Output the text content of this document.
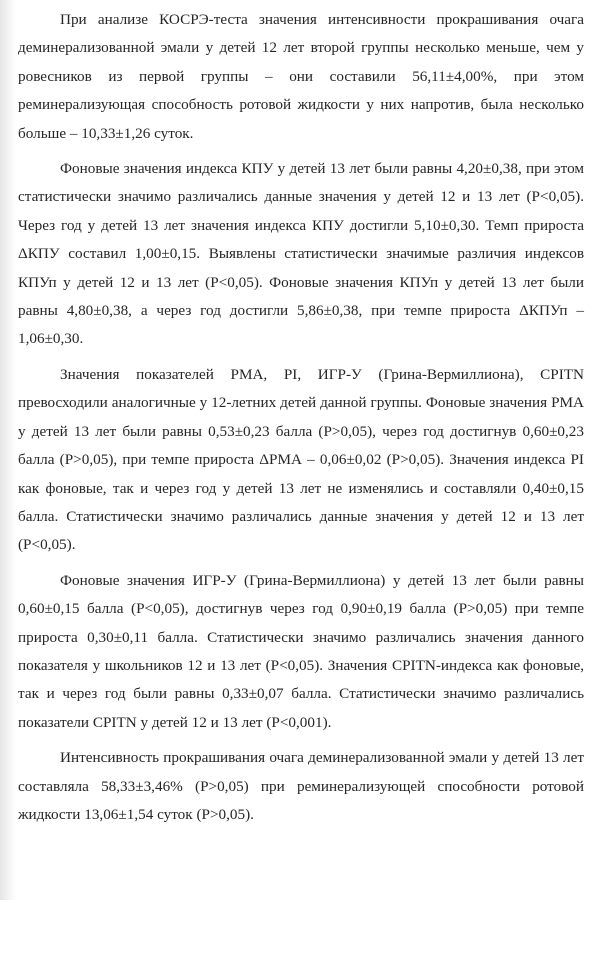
При анализе КОСРЭ-теста значения интенсивности прокрашивания очага деминерализованной эмали у детей 12 лет второй группы несколько меньше, чем у ровесников из первой группы – они составили 56,11±4,00%, при этом реминерализующая способность ротовой жидкости у них напротив, была несколько больше – 10,33±1,26 суток.

Фоновые значения индекса КПУ у детей 13 лет были равны 4,20±0,38, при этом статистически значимо различались данные значения у детей 12 и 13 лет (P<0,05). Через год у детей 13 лет значения индекса КПУ достигли 5,10±0,30. Темп прироста ΔКПУ составил 1,00±0,15. Выявлены статистически значимые различия индексов КПУп у детей 12 и 13 лет (P<0,05). Фоновые значения КПУп у детей 13 лет были равны 4,80±0,38, а через год достигли 5,86±0,38, при темпе прироста ΔКПУп – 1,06±0,30.

Значения показателей РМА, PI, ИГР-У (Грина-Вермиллиона), CPITN превосходили аналогичные у 12-летних детей данной группы. Фоновые значения РМА у детей 13 лет были равны 0,53±0,23 балла (P>0,05), через год достигнув 0,60±0,23 балла (P>0,05), при темпе прироста ΔРМА – 0,06±0,02 (P>0,05). Значения индекса PI как фоновые, так и через год у детей 13 лет не изменялись и составляли 0,40±0,15 балла. Статистически значимо различались данные значения у детей 12 и 13 лет (P<0,05).

Фоновые значения ИГР-У (Грина-Вермиллиона) у детей 13 лет были равны 0,60±0,15 балла (P<0,05), достигнув через год 0,90±0,19 балла (P>0,05) при темпе прироста 0,30±0,11 балла. Статистически значимо различались значения данного показателя у школьников 12 и 13 лет (P<0,05). Значения CPITN-индекса как фоновые, так и через год были равны 0,33±0,07 балла. Статистически значимо различались показатели CPITN у детей 12 и 13 лет (P<0,001).

Интенсивность прокрашивания очага деминерализованной эмали у детей 13 лет составляла 58,33±3,46% (P>0,05) при реминерализующей способности ротовой жидкости 13,06±1,54 суток (P>0,05).
